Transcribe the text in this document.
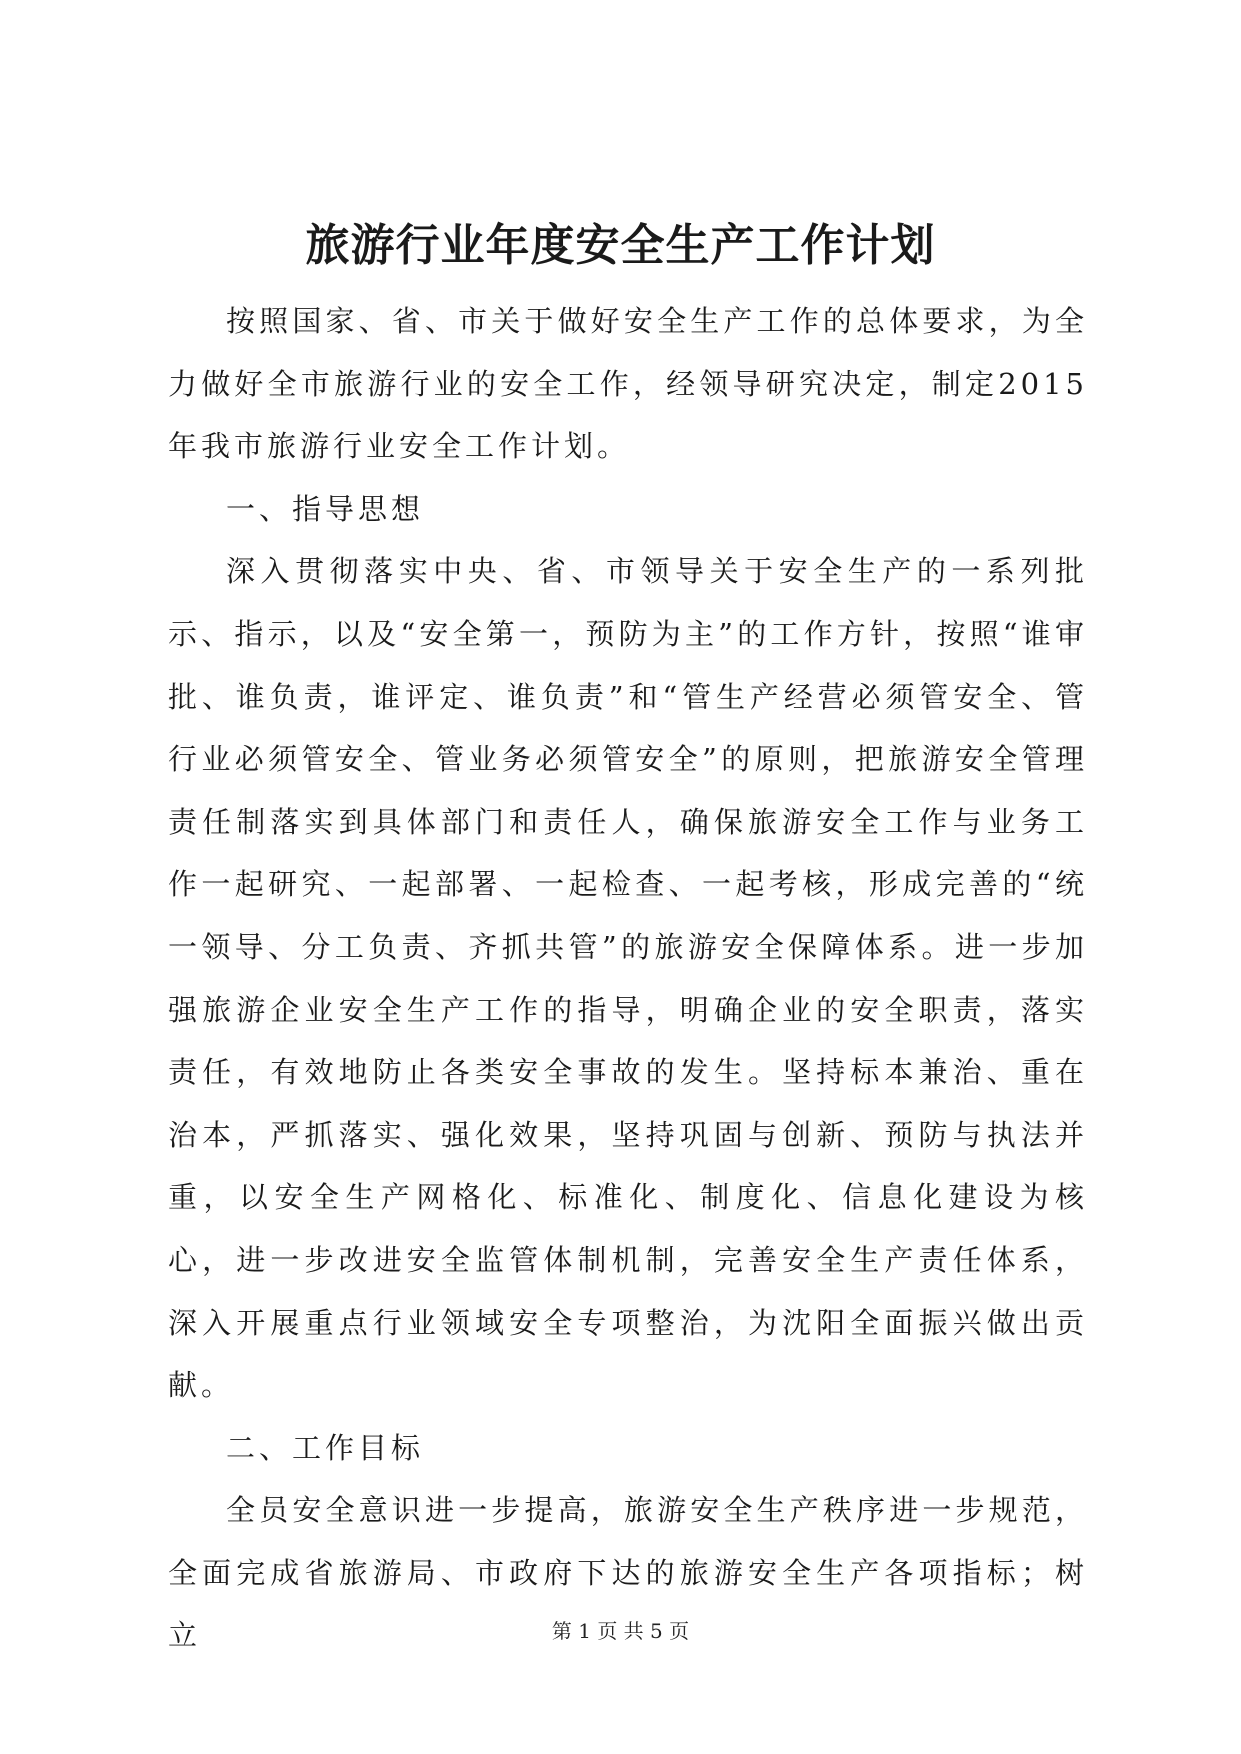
旅游行业年度安全生产工作计划

按照国家、省、市关于做好安全生产工作的总体要求，为全力做好全市旅游行业的安全工作，经领导研究决定，制定2015年我市旅游行业安全工作计划。

一、指导思想

深入贯彻落实中央、省、市领导关于安全生产的一系列批示、指示，以及“安全第一，预防为主”的工作方针，按照“谁审批、谁负责，谁评定、谁负责”和“管生产经营必须管安全、管行业必须管安全、管业务必须管安全”的原则，把旅游安全管理责任制落实到具体部门和责任人，确保旅游安全工作与业务工作一起研究、一起部署、一起检查、一起考核，形成完善的“统一领导、分工负责、齐抓共管”的旅游安全保障体系。进一步加强旅游企业安全生产工作的指导，明确企业的安全职责，落实责任，有效地防止各类安全事故的发生。坚持标本兼治、重在治本，严抓落实、强化效果，坚持巩固与创新、预防与执法并重，以安全生产网格化、标准化、制度化、信息化建设为核心，进一步改进安全监管体制机制，完善安全生产责任体系，深入开展重点行业领域安全专项整治，为沈阳全面振兴做出贡献。

二、工作目标

全员安全意识进一步提高，旅游安全生产秩序进一步规范，全面完成省旅游局、市政府下达的旅游安全生产各项指标；树立	第 1 页 共 5 页
